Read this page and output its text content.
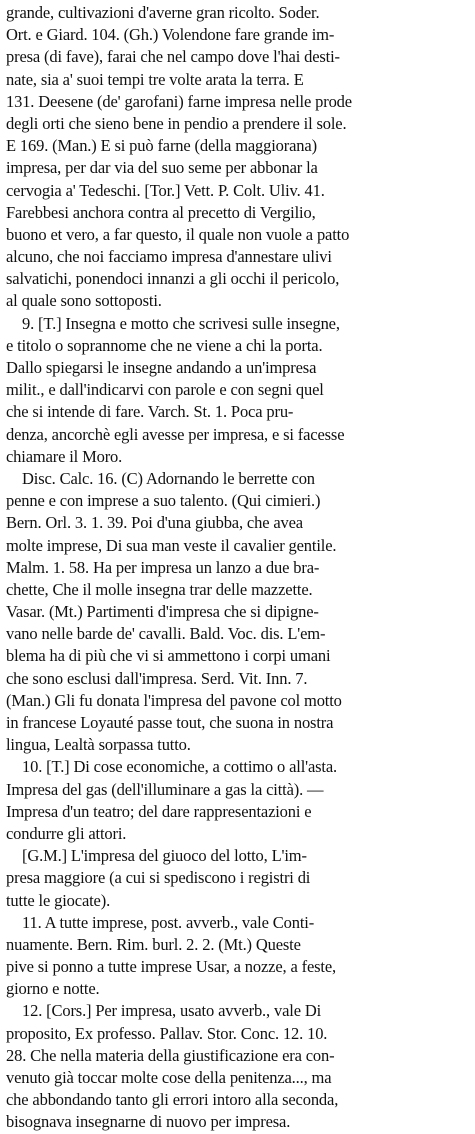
grande, cultivazioni d'averne gran ricolto. Soder.
Ort. e Giard. 104. (Gh.) Volendone fare grande im-
presa (di fave), farai che nel campo dove l'hai desti-
nate, sia a' suoi tempi tre volte arata la terra. E
131. Deesene (de' garofani) farne impresa nelle prode
degli orti che sieno bene in pendio a prendere il sole.
E 169. (Man.) E si può farne (della maggiorana)
impresa, per dar via del suo seme per abbonar la
cervogia a' Tedeschi. [Tor.] Vett. P. Colt. Uliv. 41.
Farebbesi anchora contra al precetto di Vergilio,
buono et vero, a far questo, il quale non vuole a patto
alcuno, che noi facciamo impresa d'annestare ulivi
salvatichi, ponendoci innanzi a gli occhi il pericolo,
al quale sono sottoposti.
9. [T.] Insegna e motto che scrivesi sulle insegne,
e titolo o soprannome che ne viene a chi la porta.
Dallo spiegarsi le insegne andando a un'impresa
milit., e dall'indicarvi con parole e con segni quel
che si intende di fare. Varch. St. 1. Poca pru-
denza, ancorchè egli avesse per impresa, e si facesse
chiamare il Moro.
Disc. Calc. 16. (C) Adornando le berrette con
penne e con imprese a suo talento. (Qui cimieri.)
Bern. Orl. 3. 1. 39. Poi d'una giubba, che avea
molte imprese, Di sua man veste il cavalier gentile.
Malm. 1. 58. Ha per impresa un lanzo a due bra-
chette, Che il molle insegna trar delle mazzette.
Vasar. (Mt.) Partimenti d'impresa che si dipigne-
vano nelle barde de' cavalli. Bald. Voc. dis. L'em-
blema ha di più che vi si ammettono i corpi umani
che sono esclusi dall'impresa. Serd. Vit. Inn. 7.
(Man.) Gli fu donata l'impresa del pavone col motto
in francese Loyauté passe tout, che suona in nostra
lingua, Lealtà sorpassa tutto.
10. [T.] Di cose economiche, a cottimo o all'asta.
Impresa del gas (dell'illuminare a gas la città). —
Impresa d'un teatro; del dare rappresentazioni e
condurre gli attori.
[G.M.] L'impresa del giuoco del lotto, L'im-
presa maggiore (a cui si spediscono i registri di
tutte le giocate).
11. A tutte imprese, post. avverb., vale Conti-
nuamente. Bern. Rim. burl. 2. 2. (Mt.) Queste
pive si ponno a tutte imprese Usar, a nozze, a feste,
giorno e notte.
12. [Cors.] Per impresa, usato avverb., vale Di
proposito, Ex professo. Pallav. Stor. Conc. 12. 10.
28. Che nella materia della giustificazione era con-
venuto già toccar molte cose della penitenza..., ma
che abbondando tanto gli errori intoro alla seconda,
bisognava insegnarne di nuovo per impresa.
